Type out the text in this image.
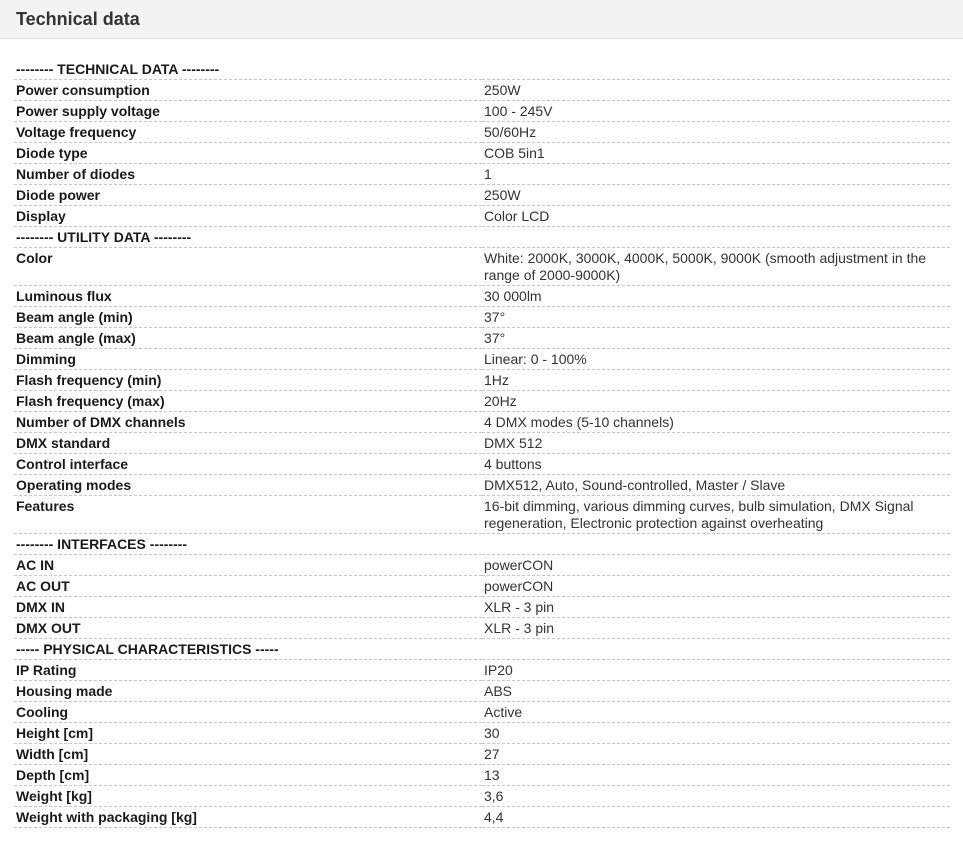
Technical data
-------- TECHNICAL DATA --------	
Power consumption	250W
Power supply voltage	100 - 245V
Voltage frequency	50/60Hz
Diode type	COB 5in1
Number of diodes	1
Diode power	250W
Display	Color LCD
-------- UTILITY DATA --------	
Color	White: 2000K, 3000K, 4000K, 5000K, 9000K (smooth adjustment in the range of 2000-9000K)
Luminous flux	30 000lm
Beam angle (min)	37°
Beam angle (max)	37°
Dimming	Linear: 0 - 100%
Flash frequency (min)	1Hz
Flash frequency (max)	20Hz
Number of DMX channels	4 DMX modes (5-10 channels)
DMX standard	DMX 512
Control interface	4 buttons
Operating modes	DMX512, Auto, Sound-controlled, Master / Slave
Features	16-bit dimming, various dimming curves, bulb simulation, DMX Signal regeneration, Electronic protection against overheating
-------- INTERFACES --------	
AC IN	powerCON
AC OUT	powerCON
DMX IN	XLR - 3 pin
DMX OUT	XLR - 3 pin
----- PHYSICAL CHARACTERISTICS -----	
IP Rating	IP20
Housing made	ABS
Cooling	Active
Height [cm]	30
Width [cm]	27
Depth [cm]	13
Weight [kg]	3,6
Weight with packaging [kg]	4,4
